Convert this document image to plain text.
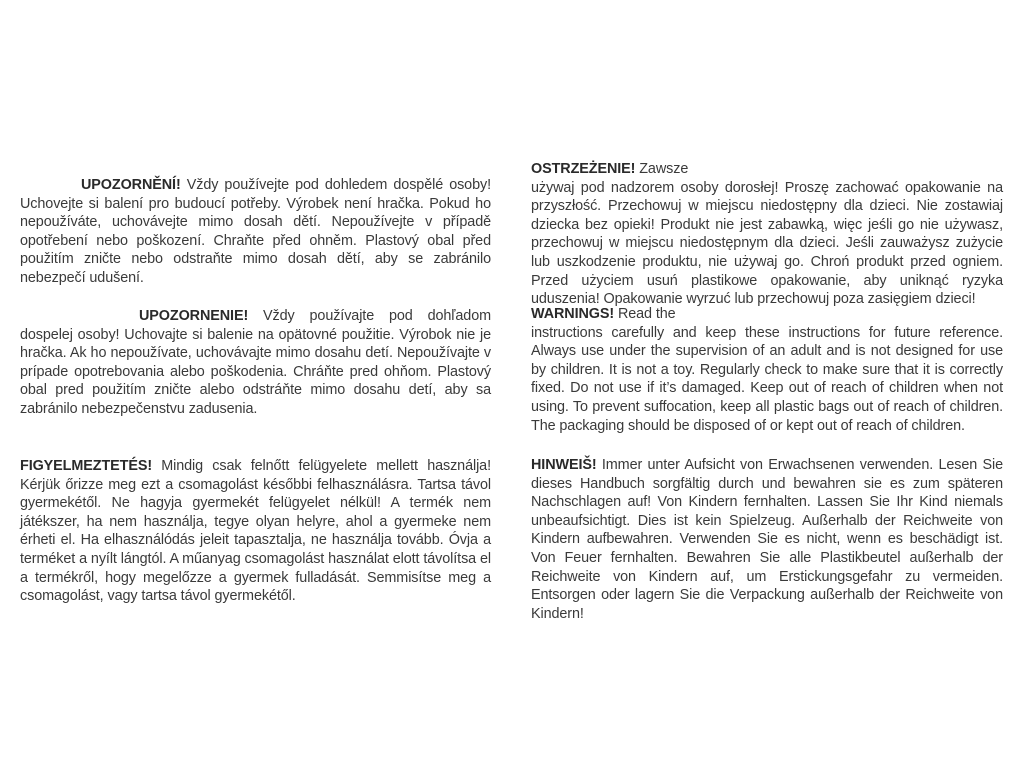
UPOZORNĚNÍ! Vždy používejte pod dohledem dospělé osoby! Uchovejte si balení pro budoucí potřeby. Výrobek není hračka. Pokud ho nepoužíváte, uchovávejte mimo dosah dětí. Nepoužívejte v případě opotřebení nebo poškození. Chraňte před ohněm. Plastový obal před použitím zničte nebo odstraňte mimo dosah dětí, aby se zabránilo nebezpečí udušení.
UPOZORNENIE! Vždy používajte pod dohľadom dospelej osoby! Uchovajte si balenie na opätovné použitie. Výrobok nie je hračka. Ak ho nepoužívate, uchovávajte mimo dosahu detí. Nepoužívajte v prípade opotrebovania alebo poškodenia. Chráňte pred ohňom. Plastový obal pred použitím zničte alebo odstráňte mimo dosahu detí, aby sa zabránilo nebezpečenstvu zadusenia.
FIGYELMEZTETÉS! Mindig csak felnőtt felügyelete mellett használja! Kérjük őrizze meg ezt a csomagolást későbbi felhasználásra. Tartsa távol gyermekétől. Ne hagyja gyermekét felügyelet nélkül! A termék nem játékszer, ha nem használja, tegye olyan helyre, ahol a gyermeke nem érheti el. Ha elhasználódás jeleit tapasztalja, ne használja tovább. Óvja a terméket a nyílt lángtól. A műanyag csomagolást használat elott távolítsa el a termékről, hogy megelőzze a gyermek fulladását. Semmisítse meg a csomagolást, vagy tartsa távol gyermekétől.
OSTRZEŻENIE! Zawsze
używaj pod nadzorem osoby dorosłej! Proszę zachować opakowanie na przyszłość. Przechowuj w miejscu niedostępny dla dzieci. Nie zostawiaj dziecka bez opieki! Produkt nie jest zabawką, więc jeśli go nie używasz, przechowuj w miejscu niedostępnym dla dzieci. Jeśli zauważysz zużycie lub uszkodzenie produktu, nie używaj go. Chroń produkt przed ogniem. Przed użyciem usuń plastikowe opakowanie, aby uniknąć ryzyka uduszenia! Opakowanie wyrzuć lub przechowuj poza zasięgiem dzieci!
WARNINGS! Read the
instructions carefully and keep these instructions for future reference. Always use under the supervision of an adult and is not designed for use by children. It is not a toy. Regularly check to make sure that it is correctly fixed. Do not use if it’s damaged. Keep out of reach of children when not using. To prevent suffocation, keep all plastic bags out of reach of children. The packaging should be disposed of or kept out of reach of children.
HINWEIŠ! Immer unter Aufsicht von Erwachsenen verwenden. Lesen Sie dieses Handbuch sorgfältig durch und bewahren sie es zum späteren Nachschlagen auf! Von Kindern fernhalten. Lassen Sie Ihr Kind niemals unbeaufsichtigt. Dies ist kein Spielzeug. Außerhalb der Reichweite von Kindern aufbewahren. Verwenden Sie es nicht, wenn es beschädigt ist. Von Feuer fernhalten. Bewahren Sie alle Plastikbeutel außerhalb der Reichweite von Kindern auf, um Erstickungsgefahr zu vermeiden. Entsorgen oder lagern Sie die Verpackung außerhalb der Reichweite von Kindern!
